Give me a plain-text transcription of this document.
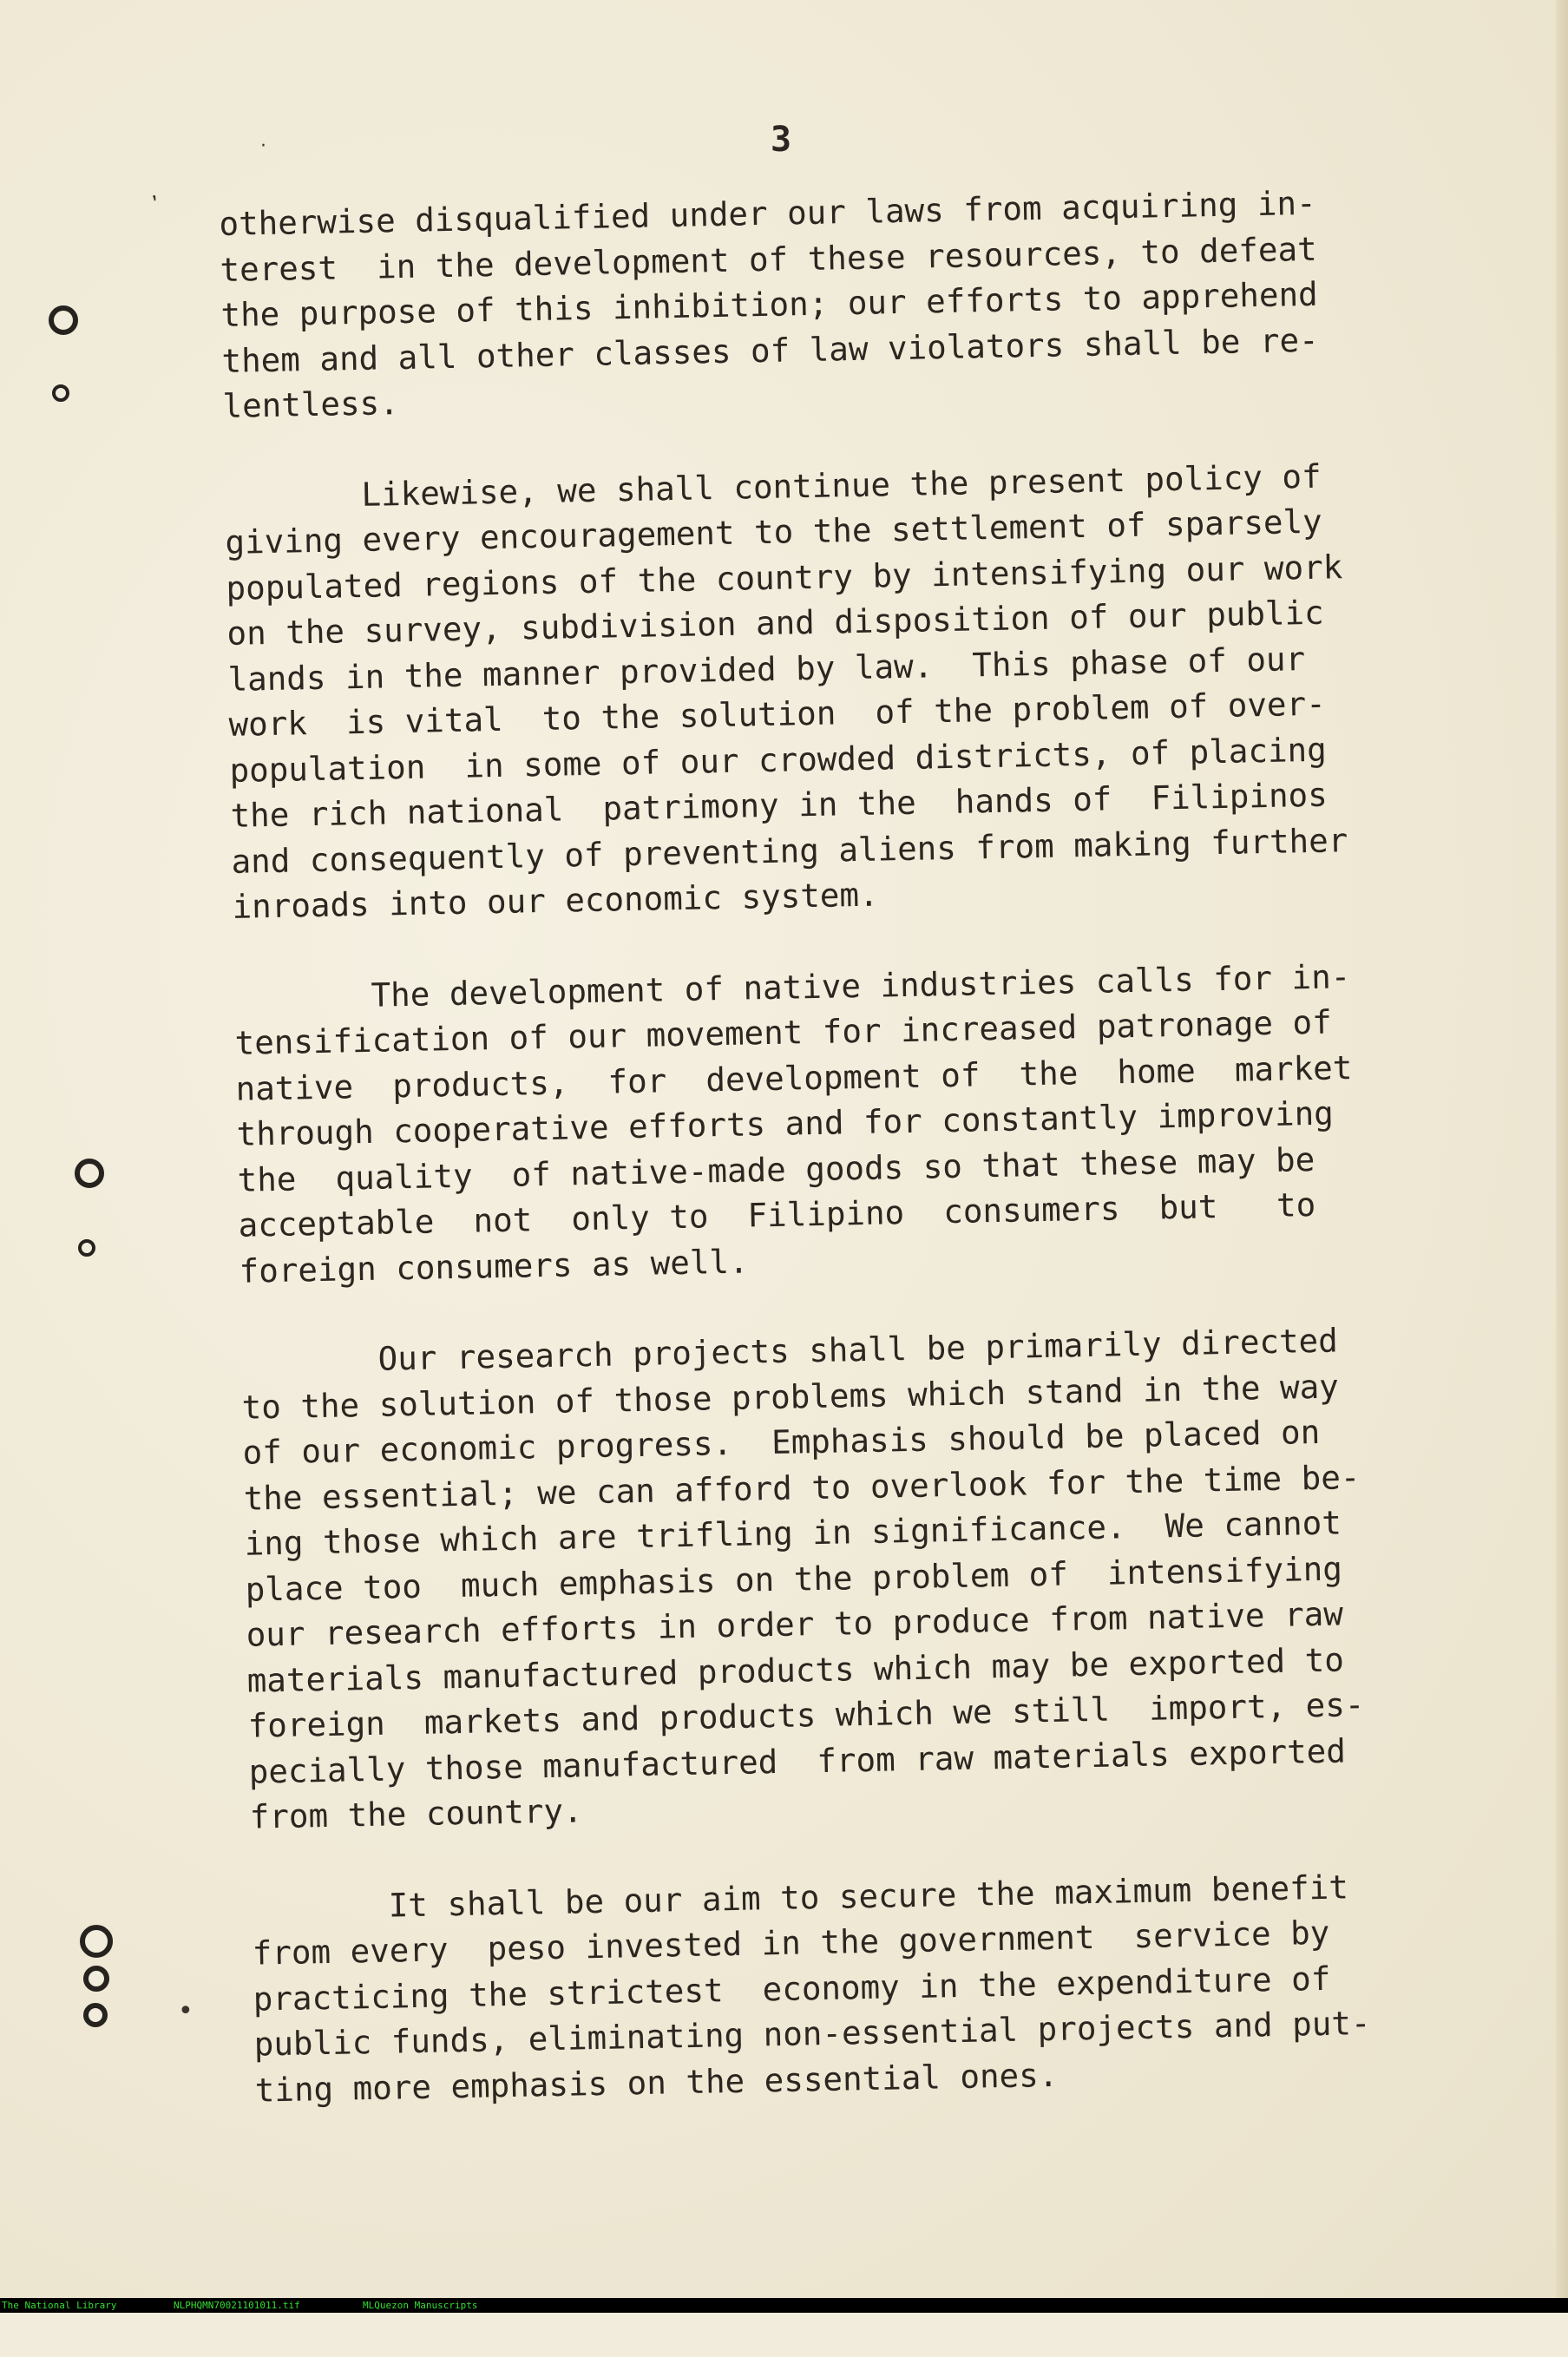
3
·
ʼ otherwise disqualified under our laws from acquiring in-
terest  in the development of these resources, to defeat
the purpose of this inhibition; our efforts to apprehend
them and all other classes of law violators shall be re-
lentless.
Likewise, we shall continue the present policy of
giving every encouragement to the settlement of sparsely
populated regions of the country by intensifying our work
on the survey, subdivision and disposition of our public
lands in the manner provided by law.  This phase of our
work  is vital  to the solution  of the problem of over-
population  in some of our crowded districts, of placing
the rich national  patrimony in the  hands of  Filipinos
and consequently of preventing aliens from making further
inroads into our economic system.
The development of native industries calls for in-
tensification of our movement for increased patronage of
native  products,  for  development of  the  home  market
through cooperative efforts and for constantly improving
the  quality  of native-made goods so that these may be
acceptable  not  only to  Filipino  consumers  but   to
foreign consumers as well.
Our research projects shall be primarily directed
to the solution of those problems which stand in the way
of our economic progress.  Emphasis should be placed on
the essential; we can afford to overlook for the time be-
ing those which are trifling in significance.  We cannot
place too  much emphasis on the problem of  intensifying
our research efforts in order to produce from native raw
materials manufactured products which may be exported to
foreign  markets and products which we still  import, es-
pecially those manufactured  from raw materials exported
from the country.
It shall be our aim to secure the maximum benefit
from every  peso invested in the government  service by
practicing the strictest  economy in the expenditure of
public funds, eliminating non-essential projects and put-
ting more emphasis on the essential ones.
•

The National Library

	NLPHQMN70021101011.tif

	MLQuezon Manuscripts
